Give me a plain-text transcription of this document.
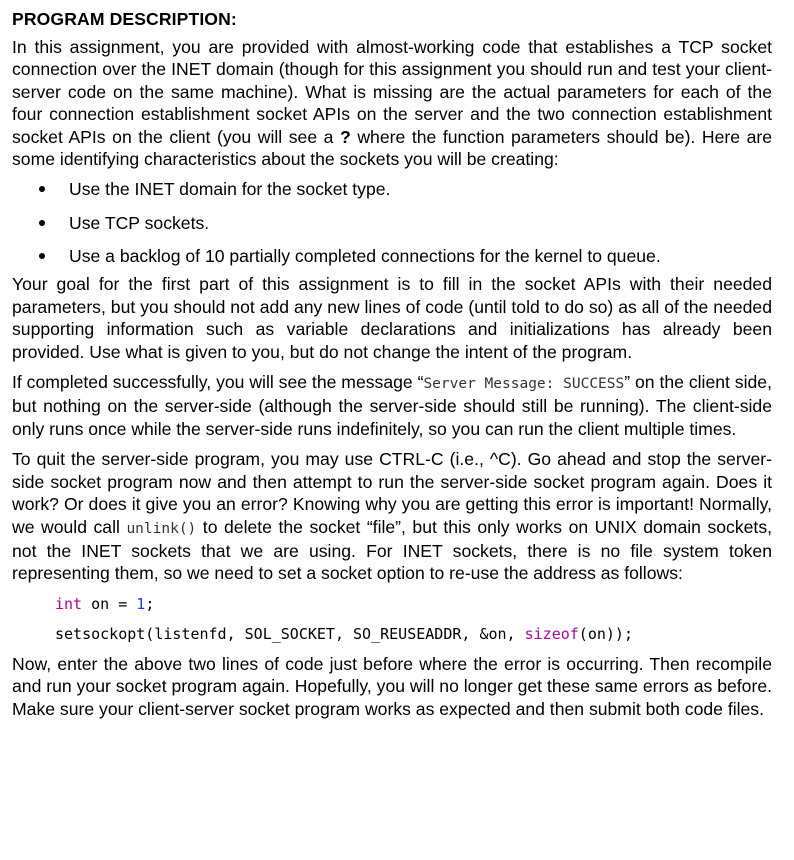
PROGRAM DESCRIPTION:

In this assignment, you are provided with almost-working code that establishes a TCP socket connection over the INET domain (though for this assignment you should run and test your client-server code on the same machine). What is missing are the actual parameters for each of the four connection establishment socket APIs on the server and the two connection establishment socket APIs on the client (you will see a ? where the function parameters should be). Here are some identifying characteristics about the sockets you will be creating:

Use the INET domain for the socket type.
Use TCP sockets.
Use a backlog of 10 partially completed connections for the kernel to queue.

Your goal for the first part of this assignment is to fill in the socket APIs with their needed parameters, but you should not add any new lines of code (until told to do so) as all of the needed supporting information such as variable declarations and initializations has already been provided. Use what is given to you, but do not change the intent of the program.

If completed successfully, you will see the message “Server Message: SUCCESS” on the client side, but nothing on the server-side (although the server-side should still be running). The client-side only runs once while the server-side runs indefinitely, so you can run the client multiple times.

To quit the server-side program, you may use CTRL-C (i.e., ^C). Go ahead and stop the server-side socket program now and then attempt to run the server-side socket program again. Does it work? Or does it give you an error? Knowing why you are getting this error is important! Normally, we would call unlink() to delete the socket “file”, but this only works on UNIX domain sockets, not the INET sockets that we are using. For INET sockets, there is no file system token representing them, so we need to set a socket option to re-use the address as follows:

int on = 1;
setsockopt(listenfd, SOL_SOCKET, SO_REUSEADDR, &on, sizeof(on));

Now, enter the above two lines of code just before where the error is occurring. Then recompile and run your socket program again. Hopefully, you will no longer get these same errors as before. Make sure your client-server socket program works as expected and then submit both code files.
